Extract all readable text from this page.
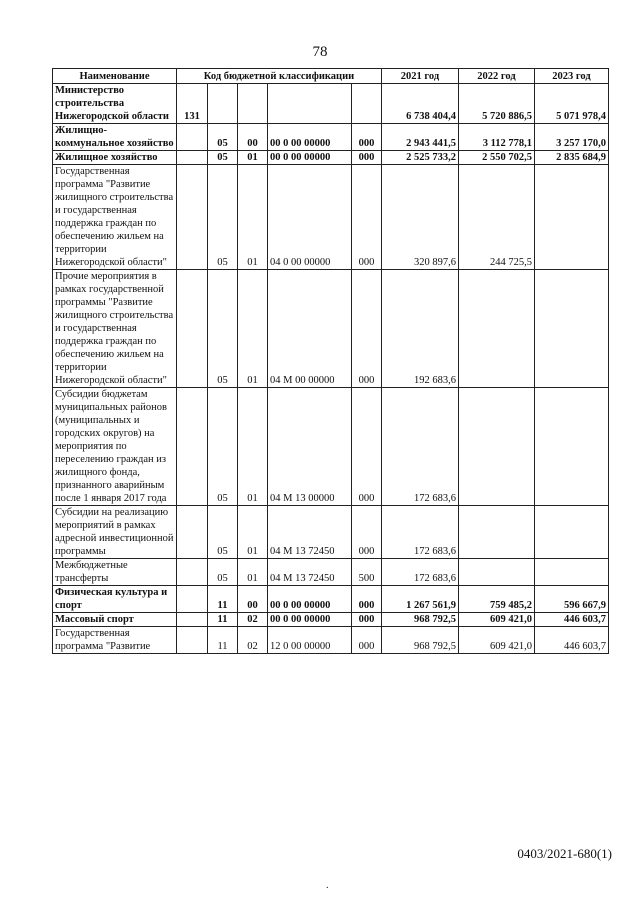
78
Наименование	Код бюджетной классификации					2021 год	2022 год	2023 год
Министерство строительства Нижегородской области	131					6 738 404,4	5 720 886,5	5 071 978,4
Жилищно-коммунальное хозяйство		05	00	00 0 00 00000	000	2 943 441,5	3 112 778,1	3 257 170,0
Жилищное хозяйство		05	01	00 0 00 00000	000	2 525 733,2	2 550 702,5	2 835 684,9
Государственная программа "Развитие жилищного строительства и государственная поддержка граждан по обеспечению жильем на территории Нижегородской области"		05	01	04 0 00 00000	000	320 897,6	244 725,5	
Прочие мероприятия в рамках государственной программы "Развитие жилищного строительства и государственная поддержка граждан по обеспечению жильем на территории Нижегородской области"		05	01	04 М 00 00000	000	192 683,6		
Субсидии бюджетам муниципальных районов (муниципальных и городских округов) на мероприятия по переселению граждан из жилищного фонда, признанного аварийным после 1 января 2017 года		05	01	04 М 13 00000	000	172 683,6		
Субсидии на реализацию мероприятий в рамках адресной инвестиционной программы		05	01	04 М 13 72450	000	172 683,6		
Межбюджетные трансферты		05	01	04 М 13 72450	500	172 683,6		
Физическая культура и спорт		11	00	00 0 00 00000	000	1 267 561,9	759 485,2	596 667,9
Массовый спорт		11	02	00 0 00 00000	000	968 792,5	609 421,0	446 603,7
Государственная программа "Развитие		11	02	12 0 00 00000	000	968 792,5	609 421,0	446 603,7
0403/2021-680(1)
.
